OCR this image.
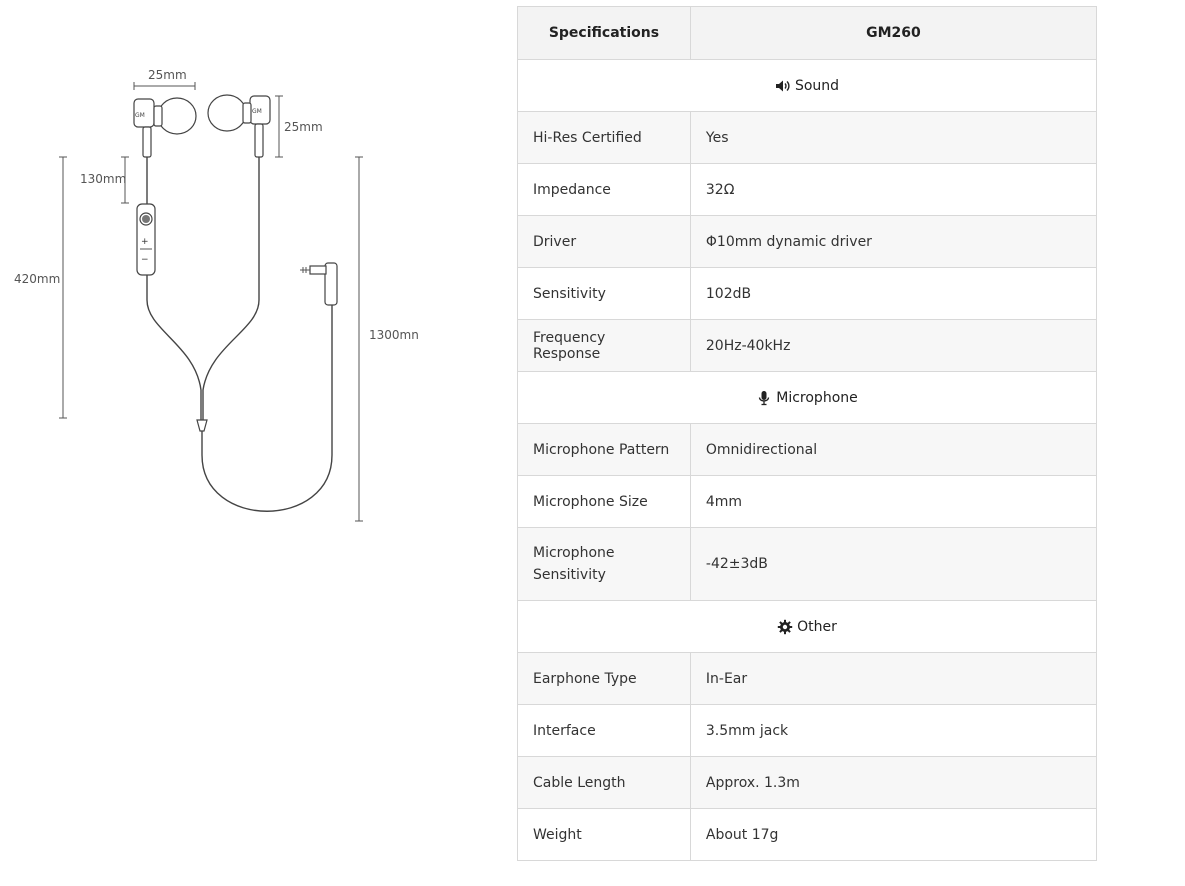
25mm
25mm
130mm
420mm
1300mn
GM
GM
+
−
Specifications	GM260

Sound	
Hi-Res Certified	Yes
Impedance	32Ω
Driver	Φ10mm dynamic driver
Sensitivity	102dB
Frequency Response	20Hz-40kHz

Microphone	
Microphone Pattern	Omnidirectional
Microphone Size	4mm
Microphone Sensitivity	-42±3dB

Other	
Earphone Type	In-Ear
Interface	3.5mm jack
Cable Length	Approx. 1.3m
Weight	About 17g
